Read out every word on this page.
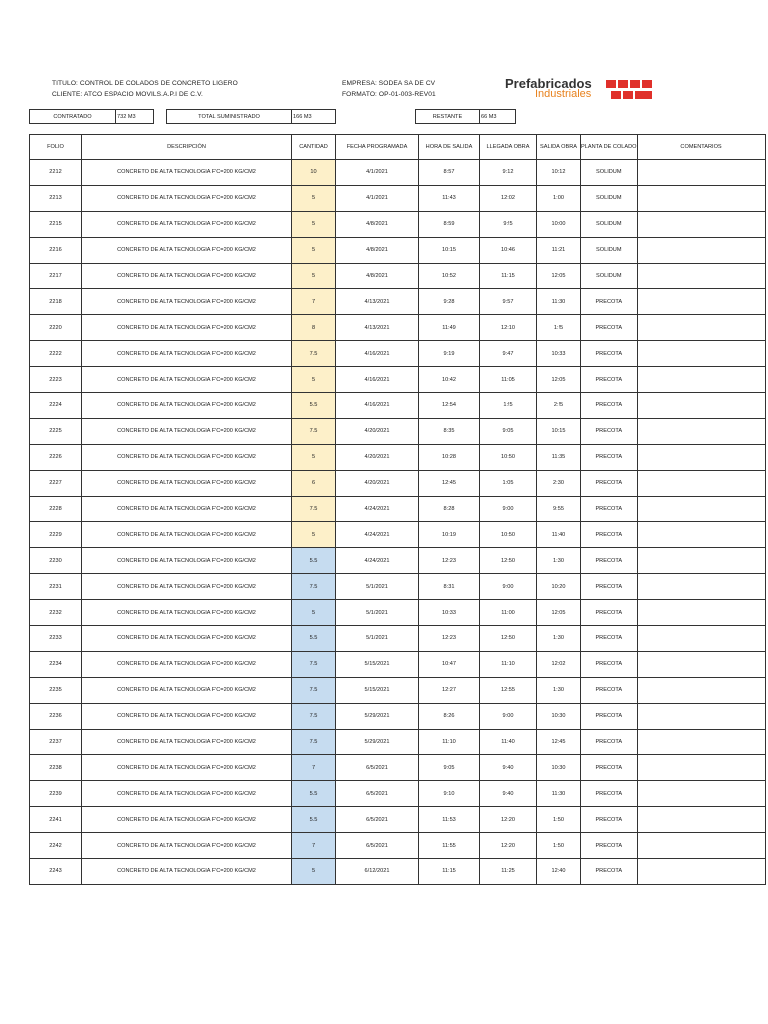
TITULO: CONTROL DE COLADOS DE CONCRETO LIGERO
CLIENTE: ATCO ESPACIO MOVILS.A.P.I DE C.V.
EMPRESA: SODEA SA DE CV
FORMATO: OP-01-003-REV01
Prefabricados
Industriales
CONTRATADO	732 M3	TOTAL SUMINISTRADO	166 M3	RESTANTE	66 M3
FOLIO	DESCRIPCIÓN	CANTIDAD	FECHA PROGRAMADA	HORA DE SALIDA	LLEGADA OBRA	SALIDA OBRA	PLANTA DE COLADO	COMENTARIOS
2212	CONCRETO DE ALTA TECNOLOGIA F'C=200 KG/CM2	10	4/1/2021	8:57	9:12	10:12	SOLIDUM	
2213	CONCRETO DE ALTA TECNOLOGIA F'C=200 KG/CM2	5	4/1/2021	11:43	12:02	1:00	SOLIDUM	
2215	CONCRETO DE ALTA TECNOLOGIA F'C=200 KG/CM2	5	4/8/2021	8:59	9:!5	10:00	SOLIDUM	
2216	CONCRETO DE ALTA TECNOLOGIA F'C=200 KG/CM2	5	4/8/2021	10:15	10:46	11:21	SOLIDUM	
2217	CONCRETO DE ALTA TECNOLOGIA F'C=200 KG/CM2	5	4/8/2021	10:52	11:15	12:05	SOLIDUM	
2218	CONCRETO DE ALTA TECNOLOGIA F'C=200 KG/CM2	7	4/13/2021	9:28	9:57	11:30	PRECOTA	
2220	CONCRETO DE ALTA TECNOLOGIA F'C=200 KG/CM2	8	4/13/2021	11:49	12:10	1:!5	PRECOTA	
2222	CONCRETO DE ALTA TECNOLOGIA F'C=200 KG/CM2	7.5	4/16/2021	9:19	9:47	10:33	PRECOTA	
2223	CONCRETO DE ALTA TECNOLOGIA F'C=200 KG/CM2	5	4/16/2021	10:42	11:05	12:05	PRECOTA	
2224	CONCRETO DE ALTA TECNOLOGIA F'C=200 KG/CM2	5.5	4/16/2021	12:54	1:!5	2:!5	PRECOTA	
2225	CONCRETO DE ALTA TECNOLOGIA F'C=200 KG/CM2	7.5	4/20/2021	8:35	9:05	10:15	PRECOTA	
2226	CONCRETO DE ALTA TECNOLOGIA F'C=200 KG/CM2	5	4/20/2021	10:28	10:50	11:35	PRECOTA	
2227	CONCRETO DE ALTA TECNOLOGIA F'C=200 KG/CM2	6	4/20/2021	12:45	1:05	2:30	PRECOTA	
2228	CONCRETO DE ALTA TECNOLOGIA F'C=200 KG/CM2	7.5	4/24/2021	8:28	9:00	9:55	PRECOTA	
2229	CONCRETO DE ALTA TECNOLOGIA F'C=200 KG/CM2	5	4/24/2021	10:19	10:50	11:40	PRECOTA	
2230	CONCRETO DE ALTA TECNOLOGIA F'C=200 KG/CM2	5.5	4/24/2021	12:23	12:50	1:30	PRECOTA	
2231	CONCRETO DE ALTA TECNOLOGIA F'C=200 KG/CM2	7.5	5/1/2021	8:31	9:00	10:20	PRECOTA	
2232	CONCRETO DE ALTA TECNOLOGIA F'C=200 KG/CM2	5	5/1/2021	10:33	11:00	12:05	PRECOTA	
2233	CONCRETO DE ALTA TECNOLOGIA F'C=200 KG/CM2	5.5	5/1/2021	12:23	12:50	1:30	PRECOTA	
2234	CONCRETO DE ALTA TECNOLOGIA F'C=200 KG/CM2	7.5	5/15/2021	10:47	11:10	12:02	PRECOTA	
2235	CONCRETO DE ALTA TECNOLOGIA F'C=200 KG/CM2	7.5	5/15/2021	12:27	12:55	1:30	PRECOTA	
2236	CONCRETO DE ALTA TECNOLOGIA F'C=200 KG/CM2	7.5	5/29/2021	8:26	9:00	10:30	PRECOTA	
2237	CONCRETO DE ALTA TECNOLOGIA F'C=200 KG/CM2	7.5	5/29/2021	11:10	11:40	12:45	PRECOTA	
2238	CONCRETO DE ALTA TECNOLOGIA F'C=200 KG/CM2	7	6/5/2021	9:05	9:40	10:30	PRECOTA	
2239	CONCRETO DE ALTA TECNOLOGIA F'C=200 KG/CM2	5.5	6/5/2021	9:10	9:40	11:30	PRECOTA	
2241	CONCRETO DE ALTA TECNOLOGIA F'C=200 KG/CM2	5.5	6/5/2021	11:53	12:20	1:50	PRECOTA	
2242	CONCRETO DE ALTA TECNOLOGIA F'C=200 KG/CM2	7	6/5/2021	11:55	12:20	1:50	PRECOTA	
2243	CONCRETO DE ALTA TECNOLOGIA F'C=200 KG/CM2	5	6/12/2021	11:15	11:25	12:40	PRECOTA	
